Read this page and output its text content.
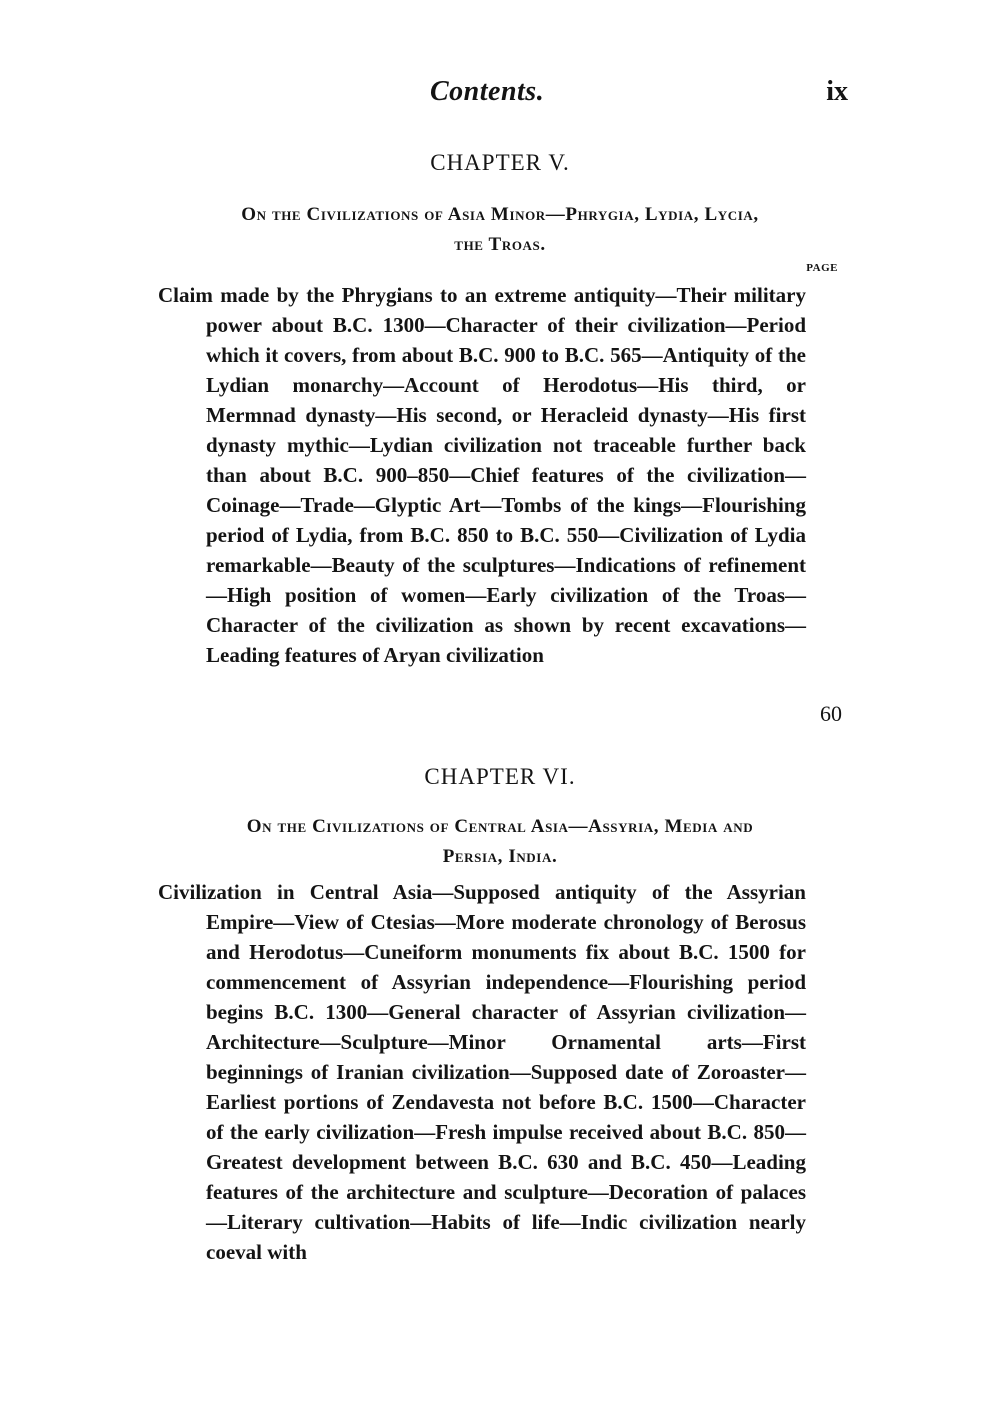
Contents.	ix
CHAPTER V.
On the Civilizations of Asia Minor—Phrygia, Lydia, Lycia,
the Troas.
PAGE

Claim made by the Phrygians to an extreme antiquity—Their military power about B.C. 1300—Character of their civilization—Period which it covers, from about B.C. 900 to B.C. 565—Antiquity of the Lydian monarchy—Account of Herodotus—His third, or Mermnad dynasty—His second, or Heracleid dynasty—His first dynasty mythic—Lydian civilization not traceable further back than about B.C. 900–850—Chief features of the civilization—Coinage—Trade—Glyptic Art—Tombs of the kings—Flourishing period of Lydia, from B.C. 850 to B.C. 550—Civilization of Lydia remarkable—Beauty of the sculptures—Indications of refinement—High position of women—Early civilization of the Troas—Character of the civilization as shown by recent excavations—Leading features of Aryan civilization

60
CHAPTER VI.
On the Civilizations of Central Asia—Assyria, Media and
Persia, India.

Civilization in Central Asia—Supposed antiquity of the Assyrian Empire—View of Ctesias—More moderate chronology of Berosus and Herodotus—Cuneiform monuments fix about B.C. 1500 for commencement of Assyrian independence—Flourishing period begins B.C. 1300—General character of Assyrian civilization—Architecture—Sculpture—Minor Ornamental arts—First beginnings of Iranian civilization—Supposed date of Zoroaster—Earliest portions of Zendavesta not before B.C. 1500—Character of the early civilization—Fresh impulse received about B.C. 850—Greatest development between B.C. 630 and B.C. 450—Leading features of the architecture and sculpture—Decoration of palaces—Literary cultivation—Habits of life—Indic civilization nearly coeval with
